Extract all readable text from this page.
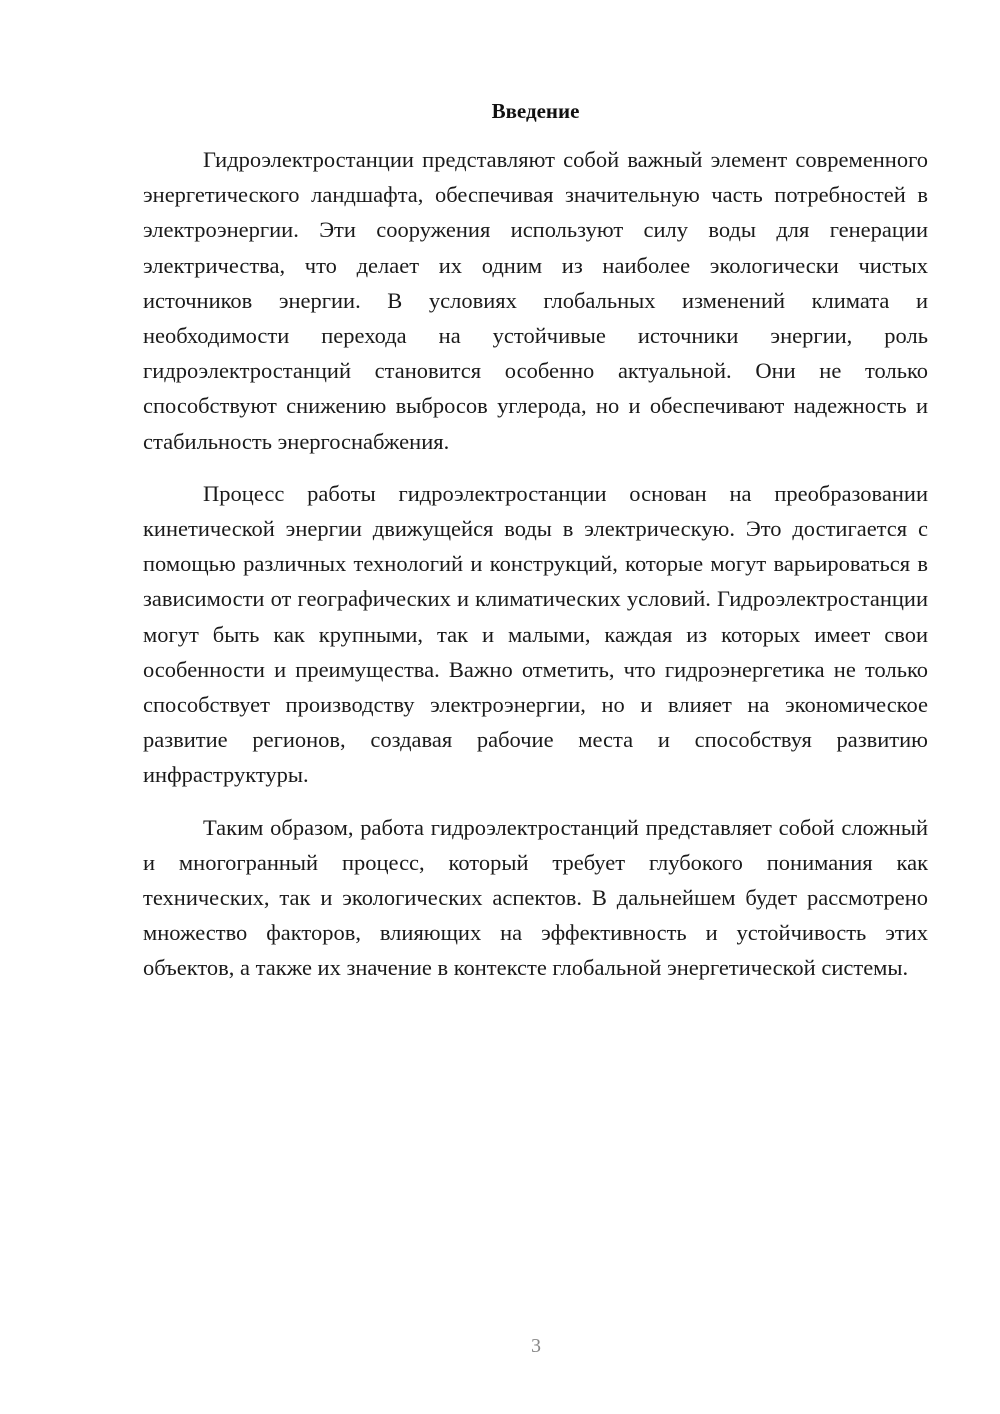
Введение

Гидроэлектростанции представляют собой важный элемент современного энергетического ландшафта, обеспечивая значительную часть потребностей в электроэнергии. Эти сооружения используют силу воды для генерации электричества, что делает их одним из наиболее экологически чистых источников энергии. В условиях глобальных изменений климата и необходимости перехода на устойчивые источники энергии, роль гидроэлектростанций становится особенно актуальной. Они не только способствуют снижению выбросов углерода, но и обеспечивают надежность и стабильность энергоснабжения.

Процесс работы гидроэлектростанции основан на преобразовании кинетической энергии движущейся воды в электрическую. Это достигается с помощью различных технологий и конструкций, которые могут варьироваться в зависимости от географических и климатических условий. Гидроэлектростанции могут быть как крупными, так и малыми, каждая из которых имеет свои особенности и преимущества. Важно отметить, что гидроэнергетика не только способствует производству электроэнергии, но и влияет на экономическое развитие регионов, создавая рабочие места и способствуя развитию инфраструктуры.

Таким образом, работа гидроэлектростанций представляет собой сложный и многогранный процесс, который требует глубокого понимания как технических, так и экологических аспектов. В дальнейшем будет рассмотрено множество факторов, влияющих на эффективность и устойчивость этих объектов, а также их значение в контексте глобальной энергетической системы.

3
